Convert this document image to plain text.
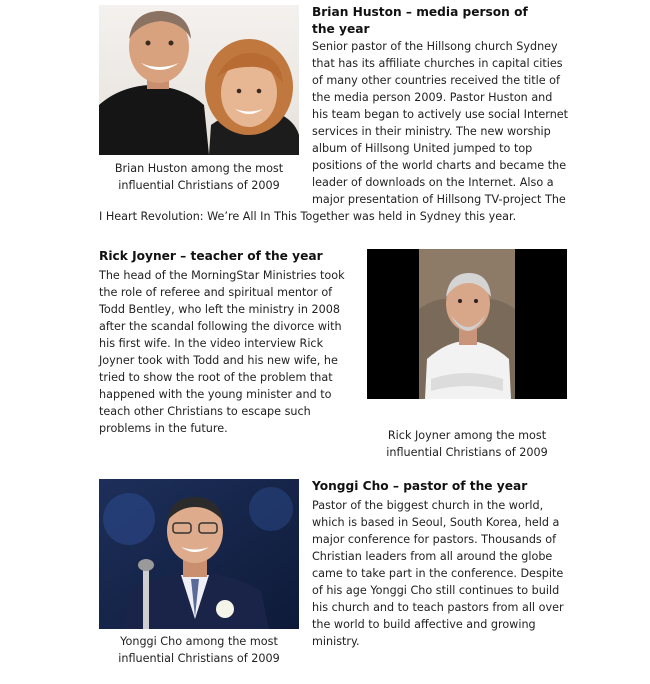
Brian Huston among the most influential Christians of 2009
Brian Huston – media person of the year

Senior pastor of the Hillsong church Sydney that has its affiliate churches in capital cities of many other countries received the title of the media person 2009. Pastor Huston and his team began to actively use social Internet services in their ministry. The new worship album of Hillsong United jumped to top positions of the world charts and became the leader of downloads on the Internet. Also a major presentation of Hillsong TV-project The I Heart Revolution: We’re All In This Together was held in Sydney this year.

Rick Joyner – teacher of the year

The head of the MorningStar Ministries took the role of referee and spiritual mentor of Todd Bentley, who left the ministry in 2008 after the scandal following the divorce with his first wife. In the video interview Rick Joyner took with Todd and his new wife, he tried to show the root of the problem that happened with the young minister and to teach other Christians to escape such problems in the future.

Rick Joyner among the most influential Christians of 2009
Yonggi Cho among the most influential Christians of 2009
Yonggi Cho – pastor of the year

Pastor of the biggest church in the world, which is based in Seoul, South Korea, held a major conference for pastors. Thousands of Christian leaders from all around the globe came to take part in the conference. Despite of his age Yonggi Cho still continues to build his church and to teach pastors from all over the world to build affective and growing ministry.
